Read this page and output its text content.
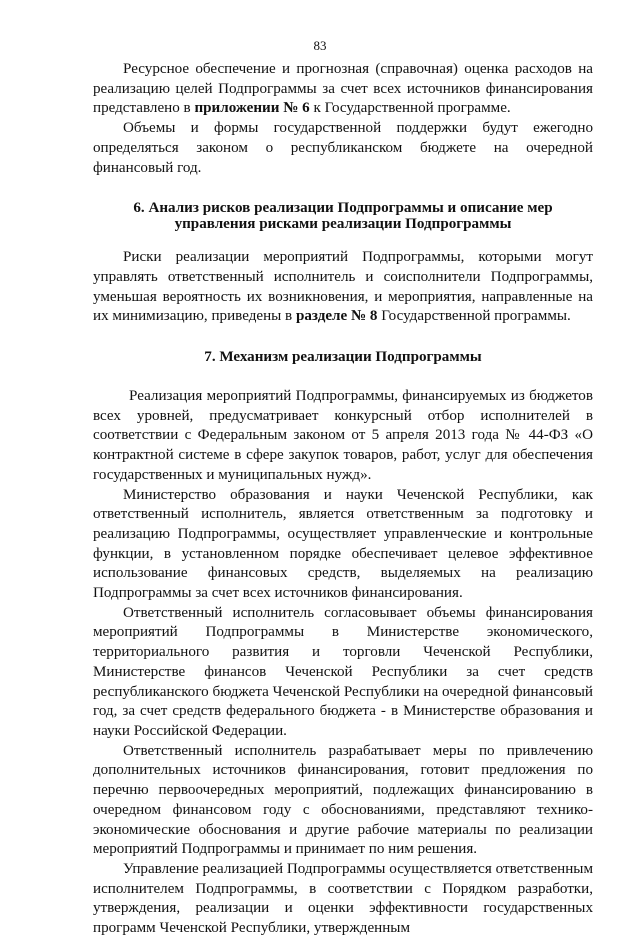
83

Ресурсное обеспечение и прогнозная (справочная) оценка расходов на реализацию целей Подпрограммы за счет всех источников финансирования представлено в приложении № 6 к Государственной программе.

Объемы и формы государственной поддержки будут ежегодно определяться законом о республиканском бюджете на очередной финансовый год.

6. Анализ рисков реализации Подпрограммы и описание мер
управления рисками реализации Подпрограммы

Риски реализации мероприятий Подпрограммы, которыми могут управлять ответственный исполнитель и соисполнители Подпрограммы, уменьшая вероятность их возникновения, и мероприятия, направленные на их минимизацию, приведены в разделе № 8 Государственной программы.

7. Механизм реализации Подпрограммы

Реализация мероприятий Подпрограммы, финансируемых из бюджетов всех уровней, предусматривает конкурсный отбор исполнителей в соответствии с Федеральным законом от 5 апреля 2013 года № 44-ФЗ «О контрактной системе в сфере закупок товаров, работ, услуг для обеспечения государственных и муниципальных нужд».

Министерство образования и науки Чеченской Республики, как ответственный исполнитель, является ответственным за подготовку и реализацию Подпрограммы, осуществляет управленческие и контрольные функции, в установленном порядке обеспечивает целевое эффективное использование финансовых средств, выделяемых на реализацию Подпрограммы за счет всех источников финансирования.

Ответственный исполнитель согласовывает объемы финансирования мероприятий Подпрограммы в Министерстве экономического, территориального развития и торговли Чеченской Республики, Министерстве финансов Чеченской Республики за счет средств республиканского бюджета Чеченской Республики на очередной финансовый год, за счет средств федерального бюджета - в Министерстве образования и науки Российской Федерации.

Ответственный исполнитель разрабатывает меры по привлечению дополнительных источников финансирования, готовит предложения по перечню первоочередных мероприятий, подлежащих финансированию в очередном финансовом году с обоснованиями, представляют технико-экономические обоснования и другие рабочие материалы по реализации мероприятий Подпрограммы и принимает по ним решения.

Управление реализацией Подпрограммы осуществляется ответственным исполнителем Подпрограммы, в соответствии с Порядком разработки, утверждения, реализации и оценки эффективности государственных программ Чеченской Республики, утвержденным
